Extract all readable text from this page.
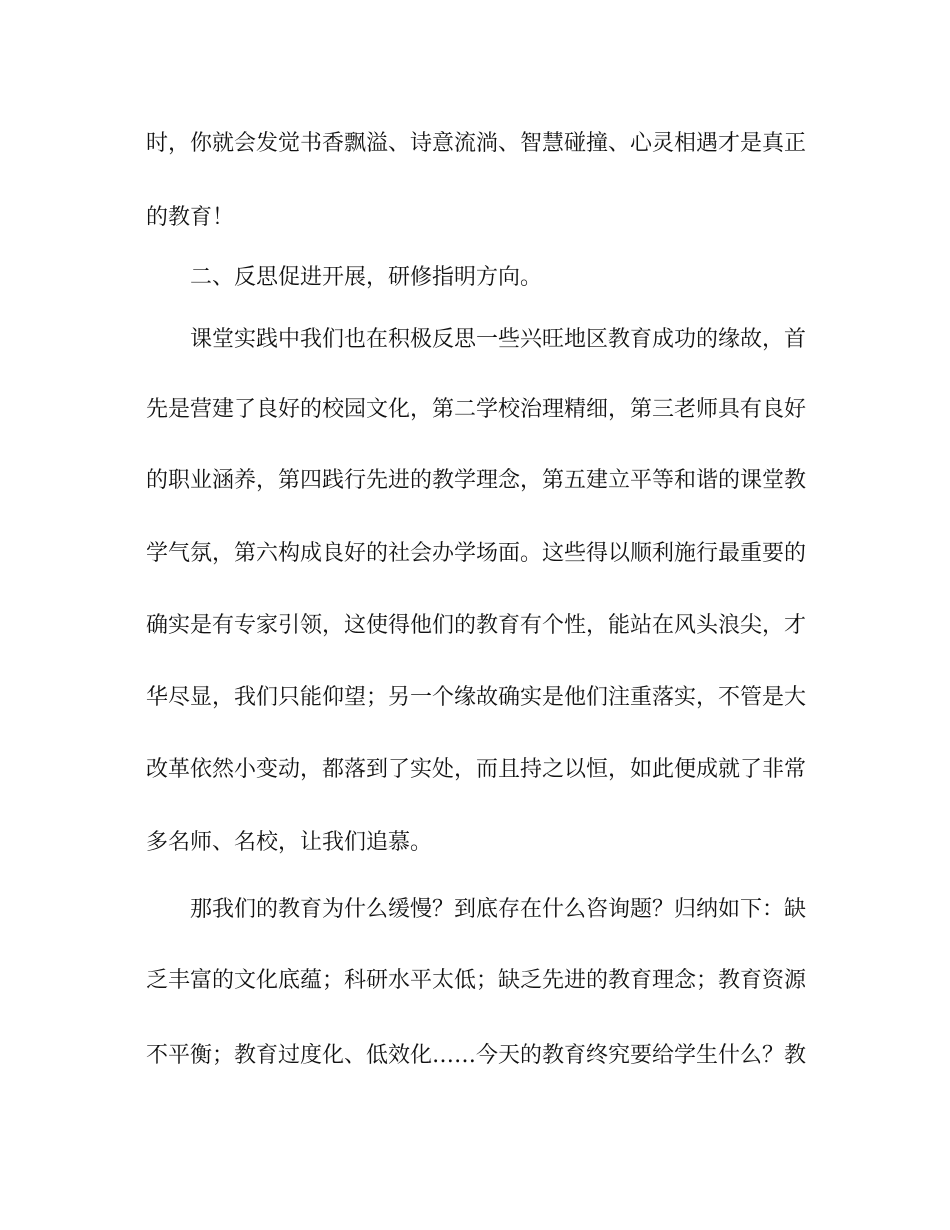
时，你就会发觉书香飘溢、诗意流淌、智慧碰撞、心灵相遇才是真正
的教育！
二、反思促进开展，研修指明方向。
课堂实践中我们也在积极反思一些兴旺地区教育成功的缘故，首
先是营建了良好的校园文化，第二学校治理精细，第三老师具有良好
的职业涵养，第四践行先进的教学理念，第五建立平等和谐的课堂教
学气氛，第六构成良好的社会办学场面。这些得以顺利施行最重要的
确实是有专家引领，这使得他们的教育有个性，能站在风头浪尖，才
华尽显，我们只能仰望；另一个缘故确实是他们注重落实，不管是大
改革依然小变动，都落到了实处，而且持之以恒，如此便成就了非常
多名师、名校，让我们追慕。
那我们的教育为什么缓慢？到底存在什么咨询题？归纳如下：缺
乏丰富的文化底蕴；科研水平太低；缺乏先进的教育理念；教育资源
不平衡；教育过度化、低效化……今天的教育终究要给学生什么？教
